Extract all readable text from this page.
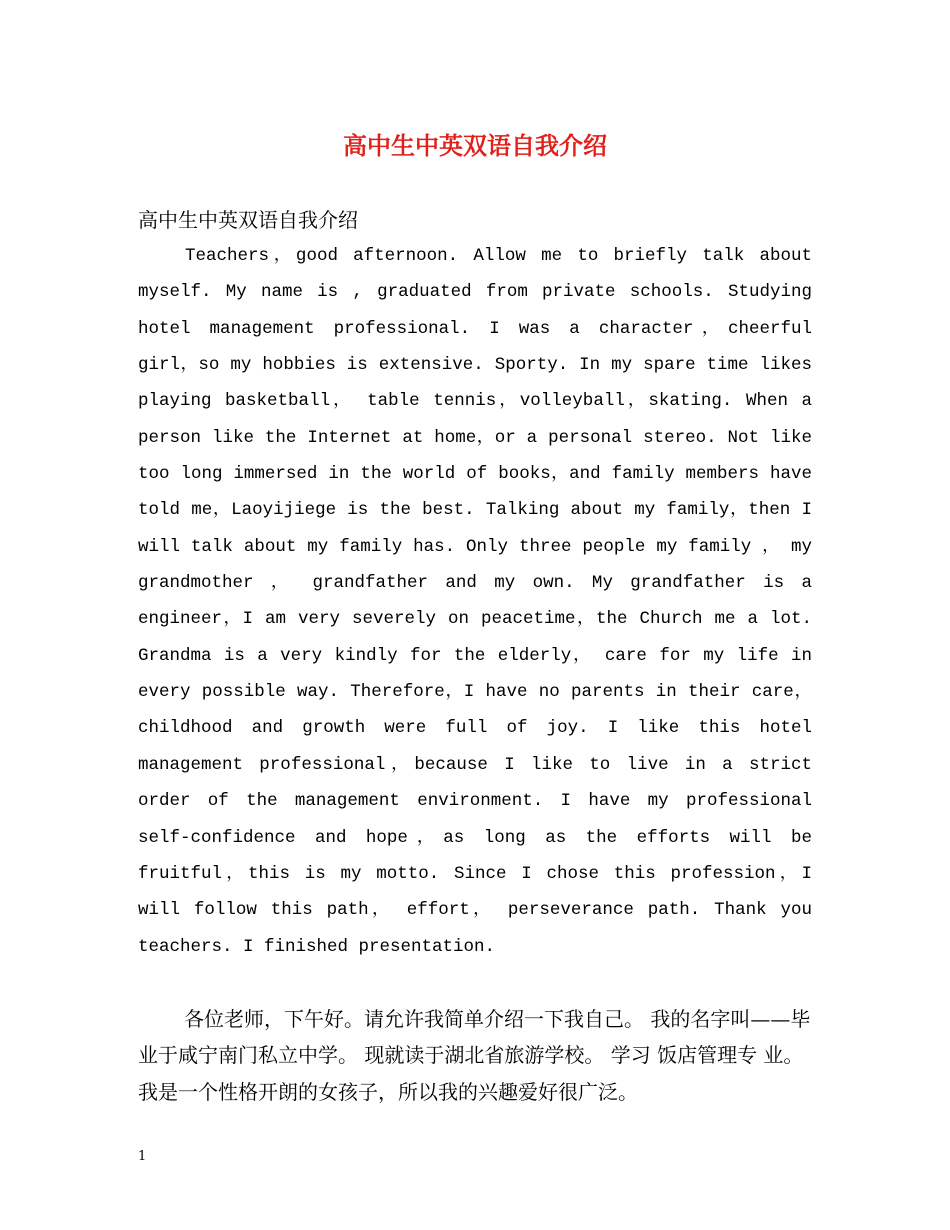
高中生中英双语自我介绍

高中生中英双语自我介绍

Teachers，good afternoon. Allow me to briefly talk about myself. My name is , graduated from private schools. Studying hotel management professional. I was a character，cheerful girl，so my hobbies is extensive. Sporty. In my spare time likes playing basketball， table tennis，volleyball，skating. When a person like the Internet at home，or a personal stereo. Not like too long immersed in the world of books，and family members have told me，Laoyijiege is the best. Talking about my family，then I will talk about my family has. Only three people my family ， my grandmother ， grandfather and my own. My grandfather is a engineer，I am very severely on peacetime，the Church me a lot. Grandma is a very kindly for the elderly， care for my life in every possible way. Therefore，I have no parents in their care，childhood and growth were full of joy. I like this hotel management professional，because I like to live in a strict order of the management environment. I have my professional self-confidence and hope，as long as the efforts will be fruitful，this is my motto. Since I chose this profession，I will follow this path， effort， perseverance path. Thank you teachers. I finished presentation.

各位老师，下午好。请允许我简单介绍一下我自己。 我的名字叫——毕业于咸宁南门私立中学。 现就读于湖北省旅游学校。 学习 饭店管理专 业。 我是一个性格开朗的女孩子，所以我的兴趣爱好很广泛。

1
